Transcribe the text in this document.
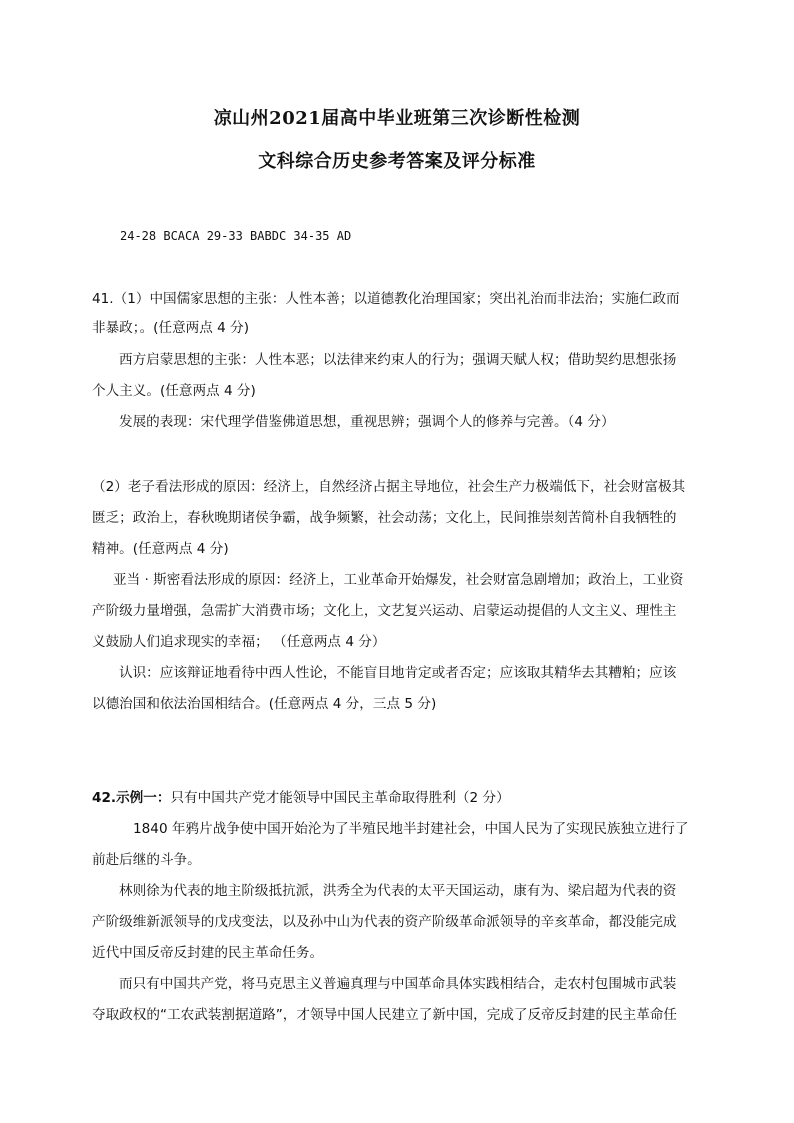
凉山州2021届高中毕业班第三次诊断性检测
文科综合历史参考答案及评分标准
24-28 BCACA 29-33 BABDC 34-35 AD
41.（1）中国儒家思想的主张：人性本善；以道德教化治理国家；突出礼治而非法治；实施仁政而
非暴政；。(任意两点 4 分)
西方启蒙思想的主张：人性本恶；以法律来约束人的行为；强调天赋人权；借助契约思想张扬
个人主义。(任意两点 4 分)
发展的表现：宋代理学借鉴佛道思想，重视思辨；强调个人的修养与完善。（4 分）
（2）老子看法形成的原因：经济上，自然经济占据主导地位，社会生产力极端低下，社会财富极其
匮乏；政治上，春秋晚期诸侯争霸，战争频繁，社会动荡；文化上，民间推崇刻苦简朴自我牺牲的
精神。(任意两点 4 分)
亚当 · 斯密看法形成的原因：经济上，工业革命开始爆发，社会财富急剧增加；政治上，工业资
产阶级力量增强，急需扩大消费市场；文化上，文艺复兴运动、启蒙运动提倡的人文主义、理性主
义鼓励人们追求现实的幸福； （任意两点 4 分）
认识：应该辩证地看待中西人性论，不能盲目地肯定或者否定；应该取其精华去其糟粕；应该
以德治国和依法治国相结合。(任意两点 4 分，三点 5 分)
42.示例一：只有中国共产党才能领导中国民主革命取得胜利（2 分）
1840 年鸦片战争使中国开始沦为了半殖民地半封建社会，中国人民为了实现民族独立进行了
前赴后继的斗争。
林则徐为代表的地主阶级抵抗派，洪秀全为代表的太平天国运动，康有为、梁启超为代表的资
产阶级维新派领导的戊戌变法，以及孙中山为代表的资产阶级革命派领导的辛亥革命，都没能完成
近代中国反帝反封建的民主革命任务。
而只有中国共产党，将马克思主义普遍真理与中国革命具体实践相结合，走农村包围城市武装
夺取政权的“工农武装割据道路”，才领导中国人民建立了新中国，完成了反帝反封建的民主革命任
